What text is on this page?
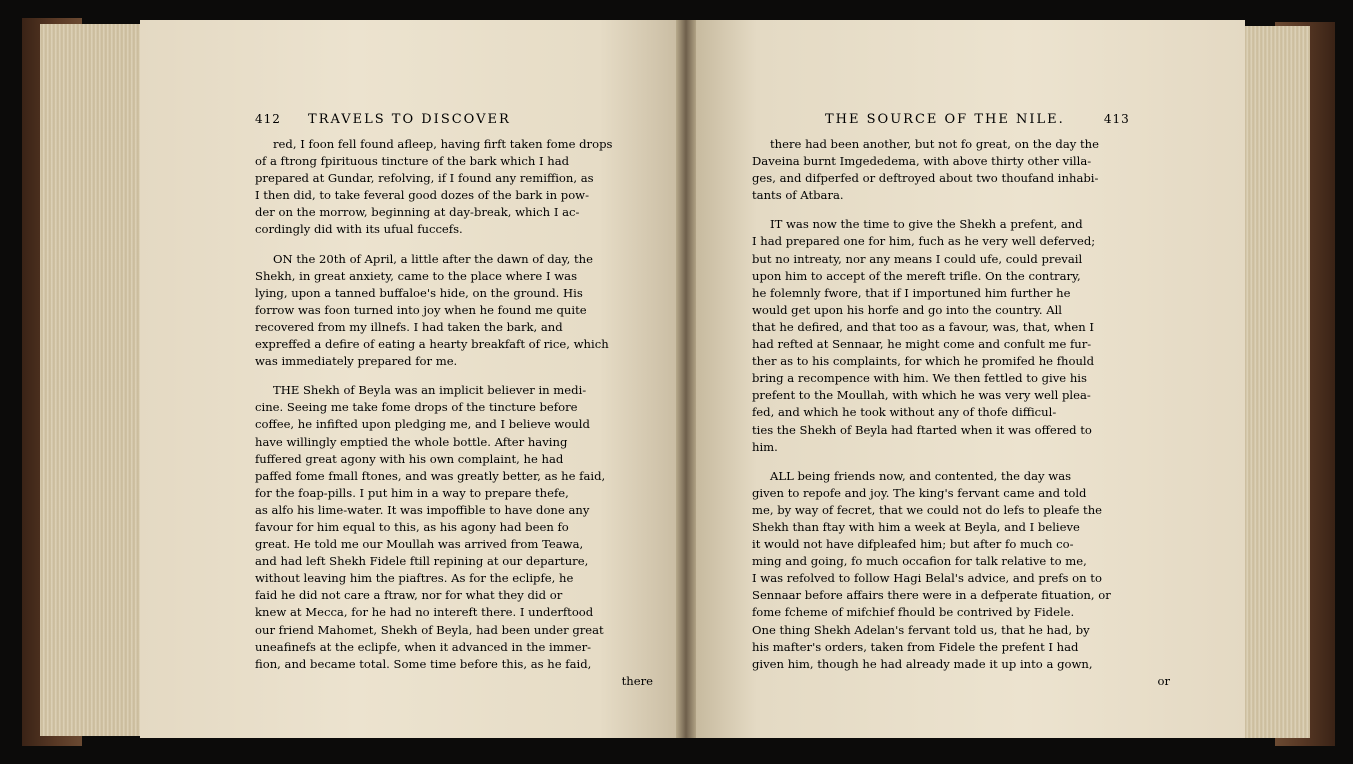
412 TRAVELS TO DISCOVER	THE SOURCE OF THE NILE.	413
red, I foon fell found afleep, having firft taken fome drops
of a ftrong fpirituous tincture of the bark which I had
prepared at Gundar, refolving, if I found any remiffion, as
I then did, to take feveral good dozes of the bark in pow-
der on the morrow, beginning at day-break, which I ac-
cordingly did with its ufual fuccefs.
ON the 20th of April, a little after the dawn of day, the
Shekh, in great anxiety, came to the place where I was
lying, upon a tanned buffaloe's hide, on the ground. His
forrow was foon turned into joy when he found me quite
recovered from my illnefs. I had taken the bark, and
expreffed a defire of eating a hearty breakfaft of rice, which
was immediately prepared for me.
THE Shekh of Beyla was an implicit believer in medi-
cine. Seeing me take fome drops of the tincture before
coffee, he infifted upon pledging me, and I believe would
have willingly emptied the whole bottle. After having
fuffered great agony with his own complaint, he had
paffed fome fmall ftones, and was greatly better, as he faid,
for the foap-pills. I put him in a way to prepare thefe,
as alfo his lime-water. It was impoffible to have done any
favour for him equal to this, as his agony had been fo
great. He told me our Moullah was arrived from Teawa,
and had left Shekh Fidele ftill repining at our departure,
without leaving him the piaftres. As for the eclipfe, he
faid he did not care a ftraw, nor for what they did or
knew at Mecca, for he had no intereft there. I underftood
our friend Mahomet, Shekh of Beyla, had been under great
uneafinefs at the eclipfe, when it advanced in the immer-
fion, and became total. Some time before this, as he faid,
there
there had been another, but not fo great, on the day the
Daveina burnt Imgededema, with above thirty other villa-
ges, and difperfed or deftroyed about two thoufand inhabi-
tants of Atbara.
IT was now the time to give the Shekh a prefent, and
I had prepared one for him, fuch as he very well deferved;
but no intreaty, nor any means I could ufe, could prevail
upon him to accept of the mereft trifle. On the contrary,
he folemnly fwore, that if I importuned him further he
would get upon his horfe and go into the country. All
that he defired, and that too as a favour, was, that, when I
had refted at Sennaar, he might come and confult me fur-
ther as to his complaints, for which he promifed he fhould
bring a recompence with him. We then fettled to give his
prefent to the Moullah, with which he was very well plea-
fed, and which he took without any of thofe difficul-
ties the Shekh of Beyla had ftarted when it was offered to
him.
ALL being friends now, and contented, the day was
given to repofe and joy. The king's fervant came and told
me, by way of fecret, that we could not do lefs to pleafe the
Shekh than ftay with him a week at Beyla, and I believe
it would not have difpleafed him; but after fo much co-
ming and going, fo much occafion for talk relative to me,
I was refolved to follow Hagi Belal's advice, and prefs on to
Sennaar before affairs there were in a defperate fituation, or
fome fcheme of mifchief fhould be contrived by Fidele.
One thing Shekh Adelan's fervant told us, that he had, by
his mafter's orders, taken from Fidele the prefent I had
given him, though he had already made it up into a gown,
or
